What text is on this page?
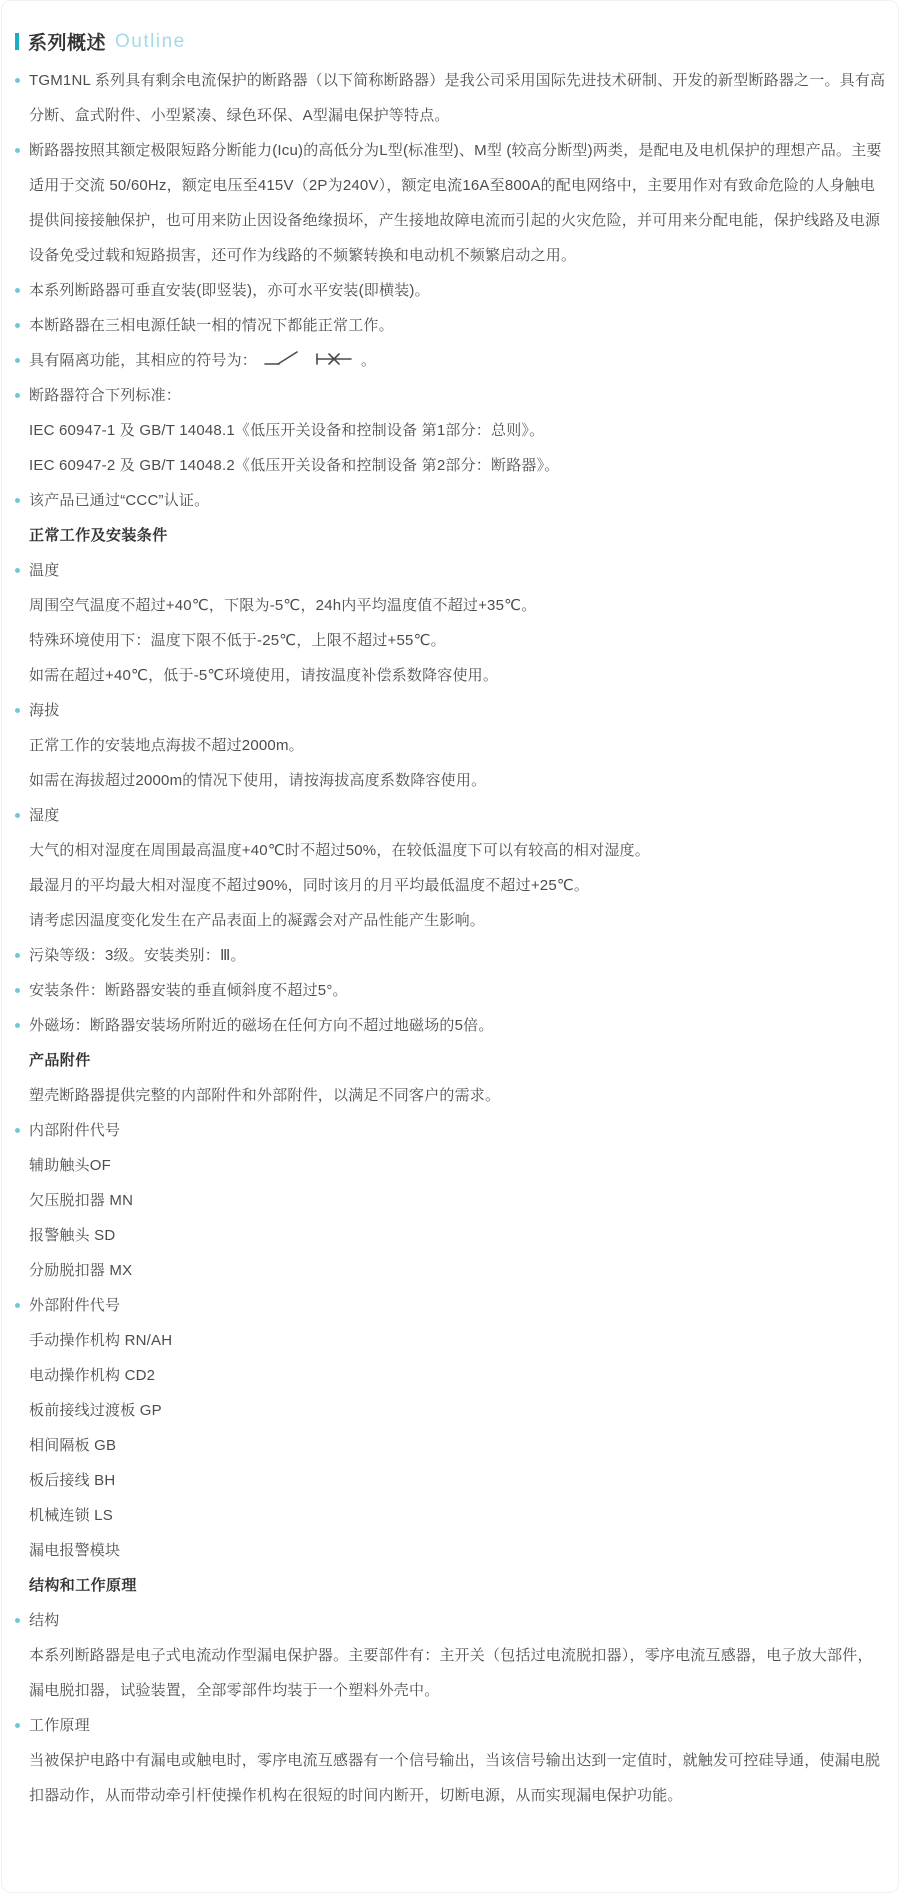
系列概述 Outline

TGM1NL 系列具有剩余电流保护的断路器（以下简称断路器）是我公司采用国际先进技术研制、开发的新型断路器之一。具有高分断、盒式附件、小型紧凑、绿色环保、A型漏电保护等特点。

断路器按照其额定极限短路分断能力(Icu)的高低分为L型(标准型)、M型 (较高分断型)两类，是配电及电机保护的理想产品。主要适用于交流 50/60Hz，额定电压至415V（2P为240V），额定电流16A至800A的配电网络中，主要用作对有致命危险的人身触电提供间接接触保护，也可用来防止因设备绝缘损坏，产生接地故障电流而引起的火灾危险，并可用来分配电能，保护线路及电源设备免受过载和短路损害，还可作为线路的不频繁转换和电动机不频繁启动之用。

本系列断路器可垂直安装(即竖装)，亦可水平安装(即横装)。

本断路器在三相电源任缺一相的情况下都能正常工作。

具有隔离功能，其相应的符号为：	。

断路器符合下列标准：

IEC 60947-1 及 GB/T 14048.1《低压开关设备和控制设备 第1部分：总则》。

IEC 60947-2 及 GB/T 14048.2《低压开关设备和控制设备 第2部分：断路器》。

该产品已通过“CCC”认证。

正常工作及安装条件

温度

周围空气温度不超过+40℃，下限为-5℃，24h内平均温度值不超过+35℃。

特殊环境使用下：温度下限不低于-25℃，上限不超过+55℃。

如需在超过+40℃，低于-5℃环境使用，请按温度补偿系数降容使用。

海拔

正常工作的安装地点海拔不超过2000m。

如需在海拔超过2000m的情况下使用，请按海拔高度系数降容使用。

湿度

大气的相对湿度在周围最高温度+40℃时不超过50%，在较低温度下可以有较高的相对湿度。

最湿月的平均最大相对湿度不超过90%，同时该月的月平均最低温度不超过+25℃。

请考虑因温度变化发生在产品表面上的凝露会对产品性能产生影响。

污染等级：3级。安装类别：Ⅲ。

安装条件：断路器安装的垂直倾斜度不超过5°。

外磁场：断路器安装场所附近的磁场在任何方向不超过地磁场的5倍。

产品附件

塑壳断路器提供完整的内部附件和外部附件，以满足不同客户的需求。

内部附件代号

辅助触头OF

欠压脱扣器 MN

报警触头 SD

分励脱扣器 MX

外部附件代号

手动操作机构 RN/AH

电动操作机构 CD2

板前接线过渡板 GP

相间隔板 GB

板后接线 BH

机械连锁 LS

漏电报警模块

结构和工作原理

结构

本系列断路器是电子式电流动作型漏电保护器。主要部件有：主开关（包括过电流脱扣器），零序电流互感器，电子放大部件，漏电脱扣器，试验装置，全部零部件均装于一个塑料外壳中。

工作原理

当被保护电路中有漏电或触电时，零序电流互感器有一个信号输出，当该信号输出达到一定值时，就触发可控硅导通，使漏电脱扣器动作，从而带动牵引杆使操作机构在很短的时间内断开，切断电源，从而实现漏电保护功能。
